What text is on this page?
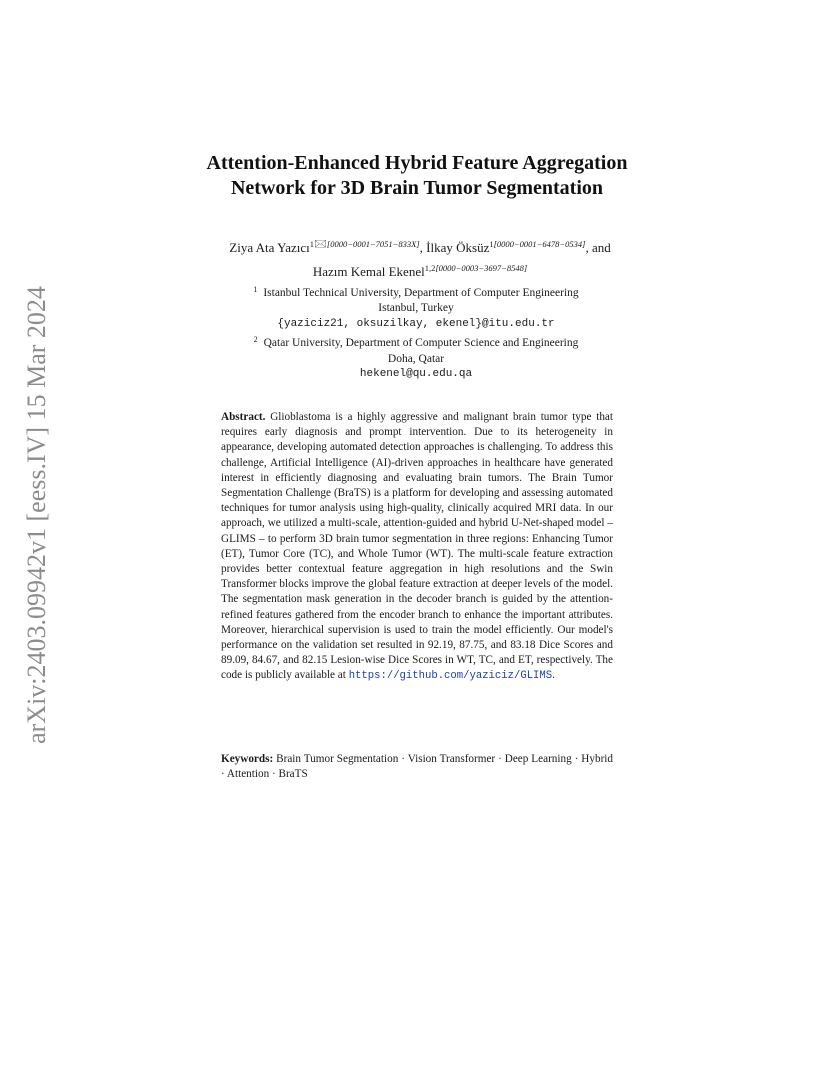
arXiv:2403.09942v1 [eess.IV] 15 Mar 2024
Attention-Enhanced Hybrid Feature Aggregation
Network for 3D Brain Tumor Segmentation
Ziya Ata Yazıcı$^{1🖂[0000-0001-7051-833X]}$, İlkay Öksüz$^{1[0000-0001-6478-0534]}$, and
Hazım Kemal Ekenel$^{1,2[0000-0003-3697-8548]}$
$^1$ Istanbul Technical University, Department of Computer Engineering
Istanbul, Turkey
{yaziciz21, oksuzilkay, ekenel}@itu.edu.tr
$^2$ Qatar University, Department of Computer Science and Engineering
Doha, Qatar
hekenel@qu.edu.qa
Abstract. Glioblastoma is a highly aggressive and malignant brain tumor type that requires early diagnosis and prompt intervention. Due to its heterogeneity in appearance, developing automated detection approaches is challenging. To address this challenge, Artificial Intelligence (AI)-driven approaches in healthcare have generated interest in efficiently diagnosing and evaluating brain tumors. The Brain Tumor Segmentation Challenge (BraTS) is a platform for developing and assessing automated techniques for tumor analysis using high-quality, clinically acquired MRI data. In our approach, we utilized a multi-scale, attention-guided and hybrid U-Net-shaped model – GLIMS – to perform 3D brain tumor segmentation in three regions: Enhancing Tumor (ET), Tumor Core (TC), and Whole Tumor (WT). The multi-scale feature extraction provides better contextual feature aggregation in high resolutions and the Swin Transformer blocks improve the global feature extraction at deeper levels of the model. The segmentation mask generation in the decoder branch is guided by the attention-refined features gathered from the encoder branch to enhance the important attributes. Moreover, hierarchical supervision is used to train the model efficiently. Our model's performance on the validation set resulted in 92.19, 87.75, and 83.18 Dice Scores and 89.09, 84.67, and 82.15 Lesion-wise Dice Scores in WT, TC, and ET, respectively. The code is publicly available at https://github.com/yaziciz/GLIMS.
Keywords: Brain Tumor Segmentation · Vision Transformer · Deep Learning · Hybrid · Attention · BraTS
